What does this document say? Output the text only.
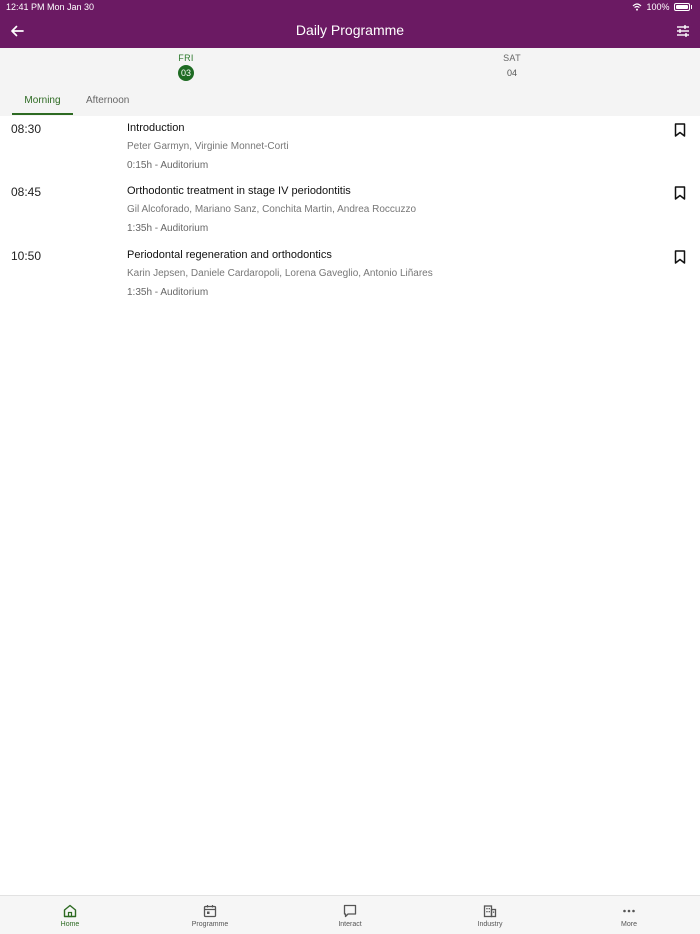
12:41 PM Mon Jan 30	100%
Daily Programme
FRI
03
SAT
04
Morning	Afternoon
08:30	Introduction
Peter Garmyn, Virginie Monnet-Corti
0:15h - Auditorium
08:45	Orthodontic treatment in stage IV periodontitis
Gil Alcoforado, Mariano Sanz, Conchita Martin, Andrea Roccuzzo
1:35h - Auditorium
10:50	Periodontal regeneration and orthodontics
Karin Jepsen, Daniele Cardaropoli, Lorena Gaveglio, Antonio Liñares
1:35h - Auditorium
Home	Programme	Interact	Industry	More
